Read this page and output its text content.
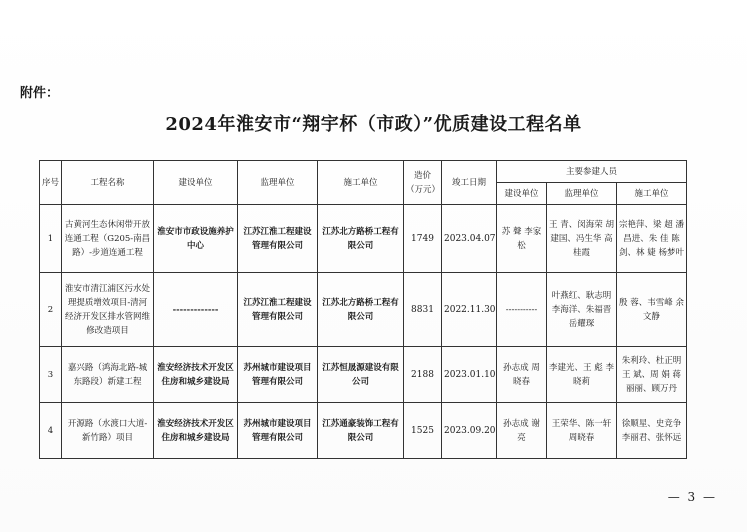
附件：
2024年淮安市“翔宇杯（市政）”优质建设工程名单
序号	工程名称	建设单位	监理单位	施工单位	造价（万元）	竣工日期	主要参建人员		
							建设单位	监理单位	施工单位
1	古黄河生态休闲带开放连通工程（G205-南昌路）-步道连通工程	淮安市市政设施养护中心	江苏江淮工程建设管理有限公司	江苏北方路桥工程有限公司	1749	2023.04.07	苏 聲 李家松	王 青、闵海荣 胡建国、冯生华 高桂霞	宗艳萍、梁 超 潘昌进、朱 佳 陈 剑、林 婕 杨梦叶
2	淮安市清江浦区污水处理提质增效项目-清河经济开发区排水管网维修改造项目	-------------	江苏江淮工程建设管理有限公司	江苏北方路桥工程有限公司	8831	2022.11.30	-----------	叶燕红、耿志明 李海洋、朱福晋 岳耀琛	殷 蓉、韦雪峰 余文静
3	嘉兴路（鸿海北路-城东路段）新建工程	淮安经济技术开发区住房和城乡建设局	苏州城市建设项目管理有限公司	江苏恒晟源建设有限公司	2188	2023.01.10	孙志成 周晓春	李建光、王 彪 李晓莉	朱利玲、杜正明 王 斌、周 娟 蒋丽丽、顾万丹
4	开源路（水渡口大道-新竹路）项目	淮安经济技术开发区住房和城乡建设局	苏州城市建设项目管理有限公司	江苏通豪装饰工程有限公司	1525	2023.09.20	孙志成 谢 亮	王荣华、陈一轩 周晓春	徐顺星、史竞争 李丽君、张怀远
— 3 —
